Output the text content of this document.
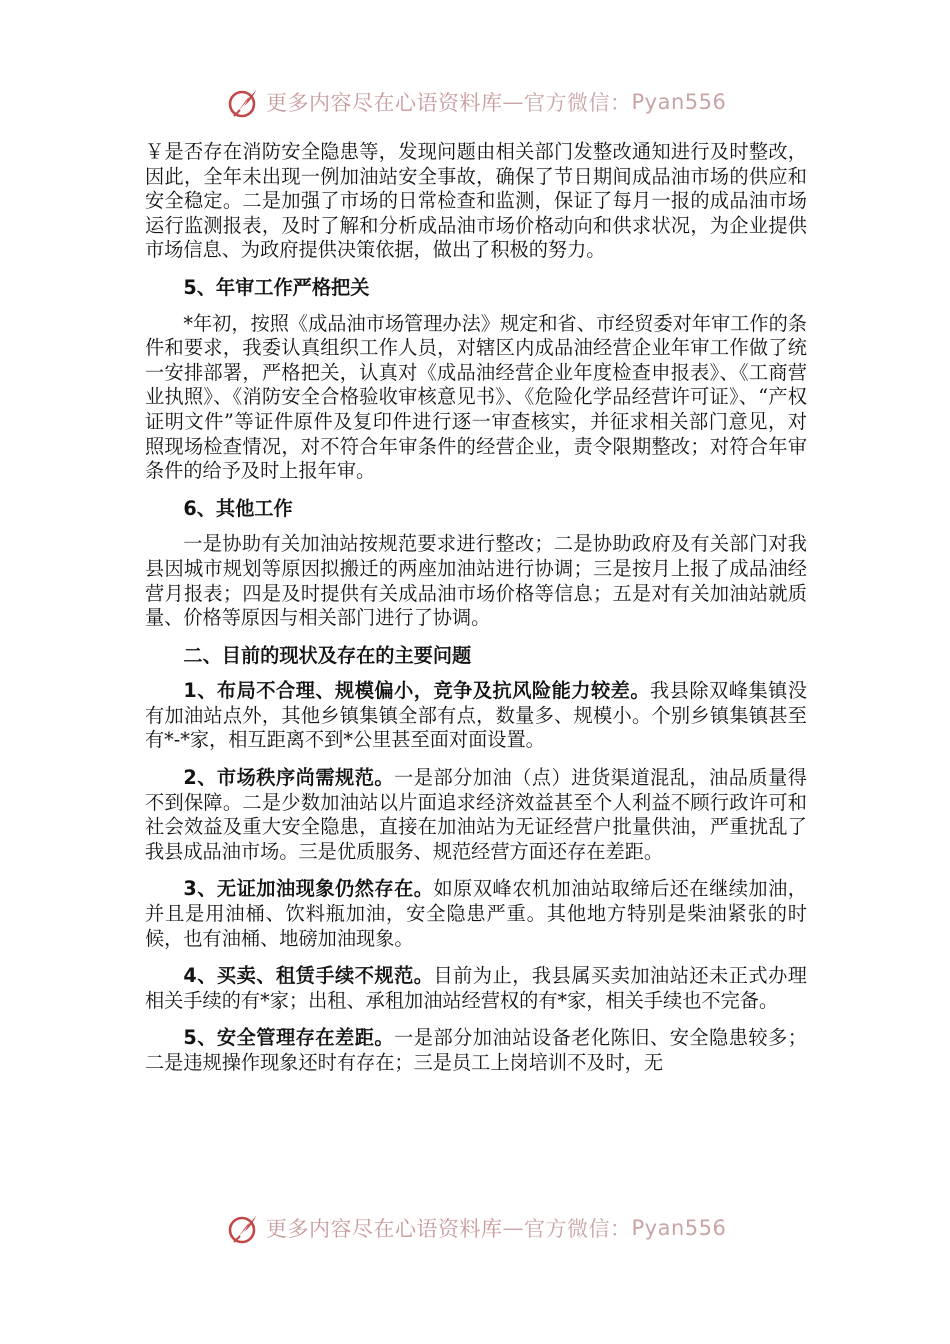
更多内容尽在心语资料库 — 官方微信： Pyan556

￥是否存在消防安全隐患等，发现问题由相关部门发整改通知进行及时整改，因此，全年未出现一例加油站安全事故，确保了节日期间成品油市场的供应和安全稳定。二是加强了市场的日常检查和监测，保证了每月一报的成品油市场运行监测报表，及时了解和分析成品油市场价格动向和供求状况，为企业提供市场信息、为政府提供决策依据，做出了积极的努力。

5、年审工作严格把关

*年初，按照《成品油市场管理办法》规定和省、市经贸委对年审工作的条件和要求，我委认真组织工作人员，对辖区内成品油经营企业年审工作做了统一安排部署，严格把关，认真对《成品油经营企业年度检查申报表》、《工商营业执照》、《消防安全合格验收审核意见书》、《危险化学品经营许可证》、“产权证明文件”等证件原件及复印件进行逐一审查核实，并征求相关部门意见，对照现场检查情况，对不符合年审条件的经营企业，责令限期整改；对符合年审条件的给予及时上报年审。

6、其他工作

一是协助有关加油站按规范要求进行整改；二是协助政府及有关部门对我县因城市规划等原因拟搬迁的两座加油站进行协调；三是按月上报了成品油经营月报表；四是及时提供有关成品油市场价格等信息；五是对有关加油站就质量、价格等原因与相关部门进行了协调。

二、目前的现状及存在的主要问题

1、布局不合理、规模偏小，竞争及抗风险能力较差。我县除双峰集镇没有加油站点外，其他乡镇集镇全部有点，数量多、规模小。个别乡镇集镇甚至有*-*家，相互距离不到*公里甚至面对面设置。

2、市场秩序尚需规范。一是部分加油（点）进货渠道混乱，油品质量得不到保障。二是少数加油站以片面追求经济效益甚至个人利益不顾行政许可和社会效益及重大安全隐患，直接在加油站为无证经营户批量供油，严重扰乱了我县成品油市场。三是优质服务、规范经营方面还存在差距。

3、无证加油现象仍然存在。如原双峰农机加油站取缔后还在继续加油，并且是用油桶、饮料瓶加油，安全隐患严重。其他地方特别是柴油紧张的时候，也有油桶、地磅加油现象。

4、买卖、租赁手续不规范。目前为止，我县属买卖加油站还未正式办理相关手续的有*家；出租、承租加油站经营权的有*家，相关手续也不完备。

5、安全管理存在差距。一是部分加油站设备老化陈旧、安全隐患较多；二是违规操作现象还时有存在；三是员工上岗培训不及时，无

更多内容尽在心语资料库 — 官方微信： Pyan556
